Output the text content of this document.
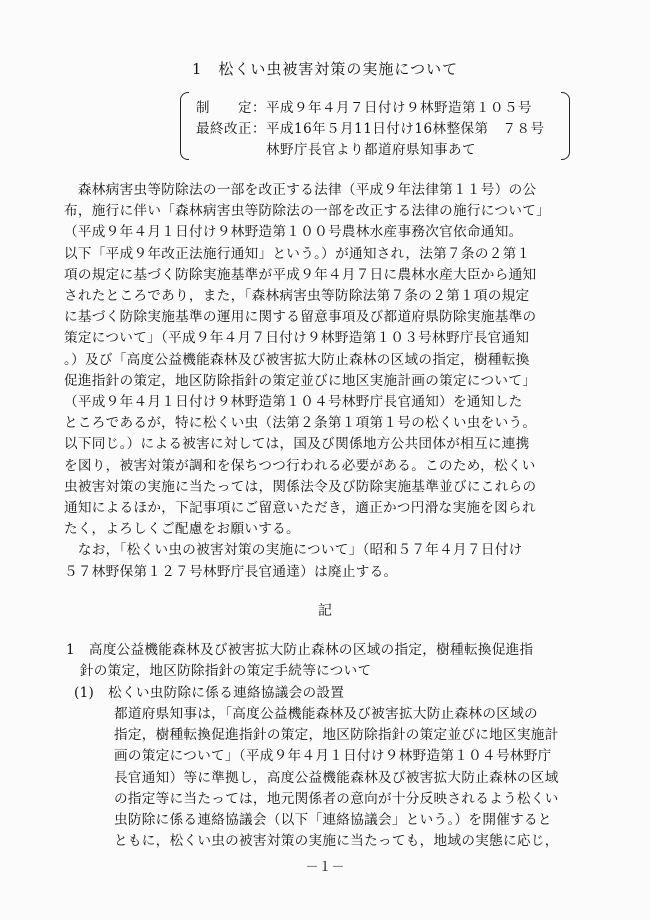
1　松くい虫被害対策の実施について
制　　定：平成９年４月７日付け９林野造第１０５号
最終改正：平成16年５月11日付け16林整保第　７８号
　　　　　林野庁長官より都道府県知事あて
　森林病害虫等防除法の一部を改正する法律（平成９年法律第１１号）の公
布，施行に伴い「森林病害虫等防除法の一部を改正する法律の施行について」
（平成９年４月１日付け９林野造第１００号農林水産事務次官依命通知。
以下「平成９年改正法施行通知」という。）が通知され，法第７条の２第１
項の規定に基づく防除実施基準が平成９年４月７日に農林水産大臣から通知
されたところであり，また，「森林病害虫等防除法第７条の２第１項の規定
に基づく防除実施基準の運用に関する留意事項及び都道府県防除実施基準の
策定について」（平成９年４月７日付け９林野造第１０３号林野庁長官通知
。）及び「高度公益機能森林及び被害拡大防止森林の区域の指定，樹種転換
促進指針の策定，地区防除指針の策定並びに地区実施計画の策定について」
（平成９年４月１日付け９林野造第１０４号林野庁長官通知）を通知した
ところであるが，特に松くい虫（法第２条第１項第１号の松くい虫をいう。
以下同じ。）による被害に対しては，国及び関係地方公共団体が相互に連携
を図り，被害対策が調和を保ちつつ行われる必要がある。このため，松くい
虫被害対策の実施に当たっては，関係法令及び防除実施基準並びにこれらの
通知によるほか，下記事項にご留意いただき，適正かつ円滑な実施を図られ
たく，よろしくご配慮をお願いする。
　なお，「松くい虫の被害対策の実施について」（昭和５７年４月７日付け
５７林野保第１２７号林野庁長官通達）は廃止する。
記
1　高度公益機能森林及び被害拡大防止森林の区域の指定，樹種転換促進指
　針の策定，地区防除指針の策定手続等について
(1)　松くい虫防除に係る連絡協議会の設置
都道府県知事は，「高度公益機能森林及び被害拡大防止森林の区域の
指定，樹種転換促進指針の策定，地区防除指針の策定並びに地区実施計
画の策定について」（平成９年４月１日付け９林野造第１０４号林野庁
長官通知）等に準拠し，高度公益機能森林及び被害拡大防止森林の区域
の指定等に当たっては，地元関係者の意向が十分反映されるよう松くい
虫防除に係る連絡協議会（以下「連絡協議会」という。）を開催すると
ともに，松くい虫の被害対策の実施に当たっても，地域の実態に応じ，
－１－
